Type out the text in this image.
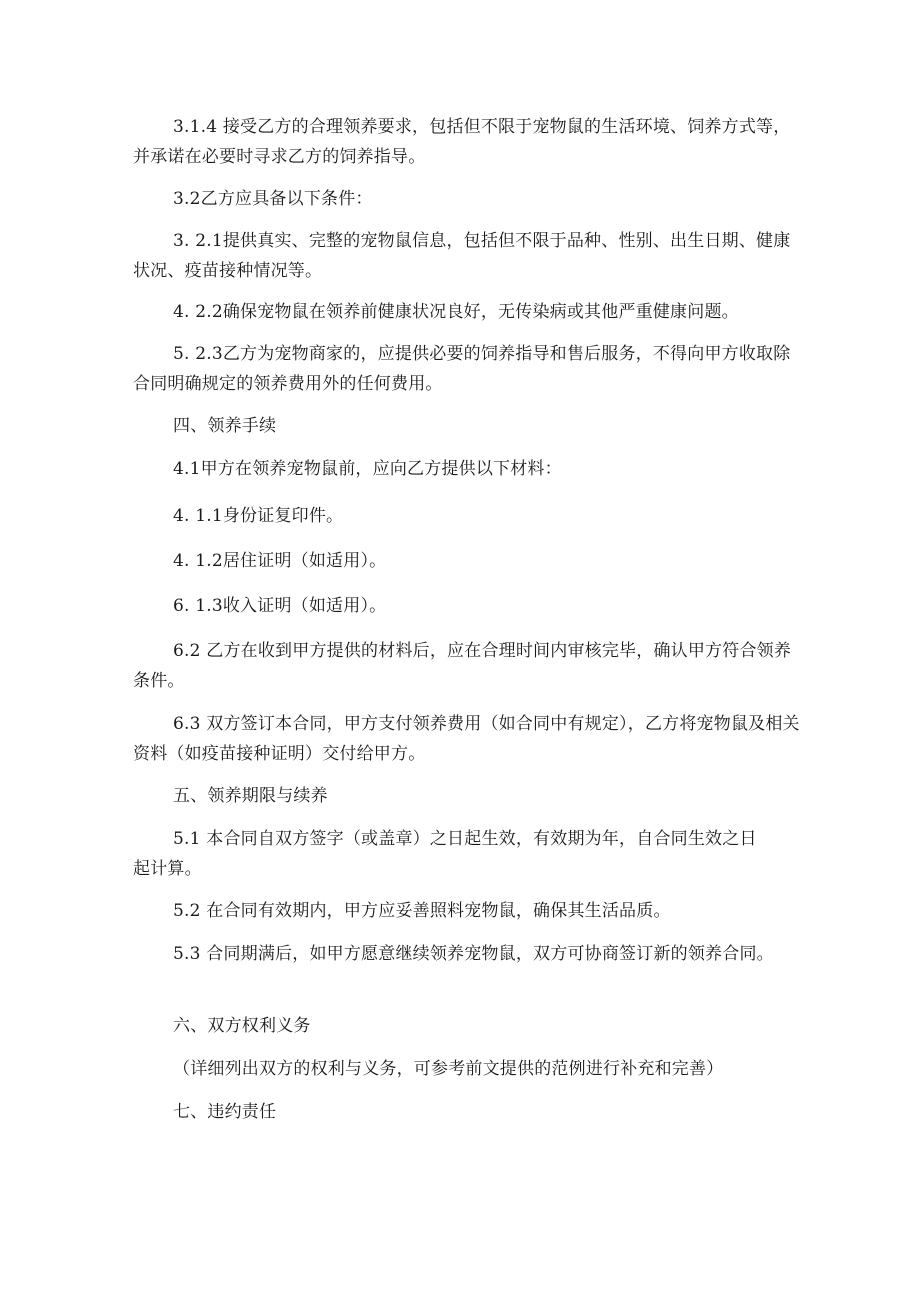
3.1.4 接受乙方的合理领养要求，包括但不限于宠物鼠的生活环境、饲养方式等，并承诺在必要时寻求乙方的饲养指导。

3.2乙方应具备以下条件：

3. 2.1提供真实、完整的宠物鼠信息，包括但不限于品种、性别、出生日期、健康状况、疫苗接种情况等。

4. 2.2确保宠物鼠在领养前健康状况良好，无传染病或其他严重健康问题。

5. 2.3乙方为宠物商家的，应提供必要的饲养指导和售后服务，不得向甲方收取除合同明确规定的领养费用外的任何费用。

四、领养手续

4.1甲方在领养宠物鼠前，应向乙方提供以下材料：

4. 1.1身份证复印件。

4. 1.2居住证明（如适用）。

6. 1.3收入证明（如适用）。

6.2 乙方在收到甲方提供的材料后，应在合理时间内审核完毕，确认甲方符合领养条件。

6.3 双方签订本合同，甲方支付领养费用（如合同中有规定），乙方将宠物鼠及相关资料（如疫苗接种证明）交付给甲方。

五、领养期限与续养

5.1 本合同自双方签字（或盖章）之日起生效，有效期为年，自合同生效之日起计算。

5.2 在合同有效期内，甲方应妥善照料宠物鼠，确保其生活品质。

5.3 合同期满后，如甲方愿意继续领养宠物鼠，双方可协商签订新的领养合同。

六、双方权利义务

（详细列出双方的权利与义务，可参考前文提供的范例进行补充和完善）

七、违约责任
